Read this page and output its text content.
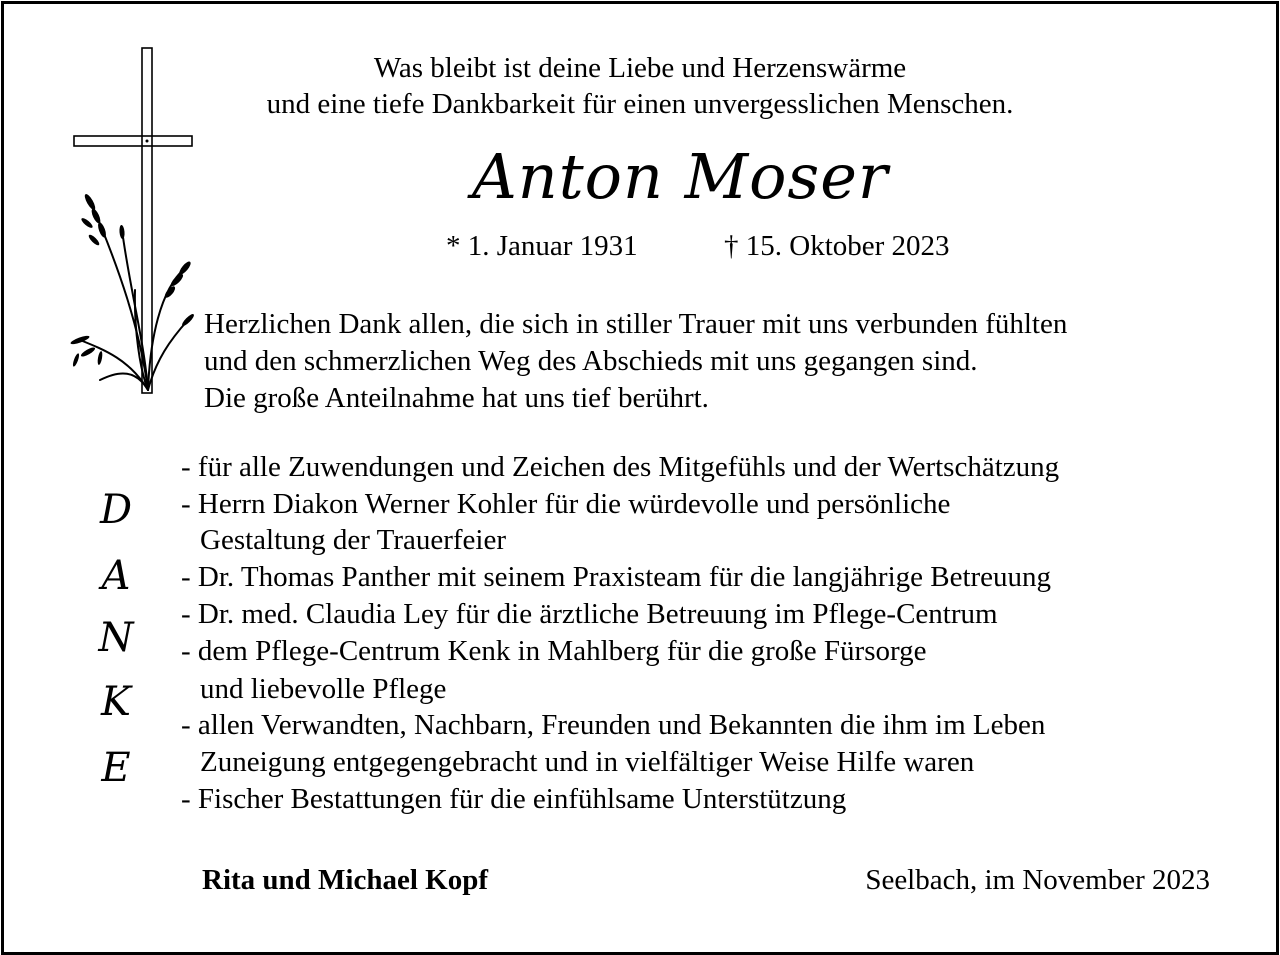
Was bleibt ist deine Liebe und Herzenswärme
und eine tiefe Dankbarkeit für einen unvergesslichen Menschen.
Anton Moser
* 1. Januar 1931	† 15. Oktober 2023
Herzlichen Dank allen, die sich in stiller Trauer mit uns verbunden fühlten
und den schmerzlichen Weg des Abschieds mit uns gegangen sind.
Die große Anteilnahme hat uns tief berührt.
D
A
N
K
E
- für alle Zuwendungen und Zeichen des Mitgefühls und der Wertschätzung
- Herrn Diakon Werner Kohler für die würdevolle und persönliche
Gestaltung der Trauerfeier
- Dr. Thomas Panther mit seinem Praxisteam für die langjährige Betreuung
- Dr. med. Claudia Ley für die ärztliche Betreuung im Pflege-Centrum
- dem Pflege-Centrum Kenk in Mahlberg für die große Fürsorge
und liebevolle Pflege
- allen Verwandten, Nachbarn, Freunden und Bekannten die ihm im Leben
Zuneigung entgegengebracht und in vielfältiger Weise Hilfe waren
- Fischer Bestattungen für die einfühlsame Unterstützung
Rita und Michael Kopf	Seelbach, im November 2023
